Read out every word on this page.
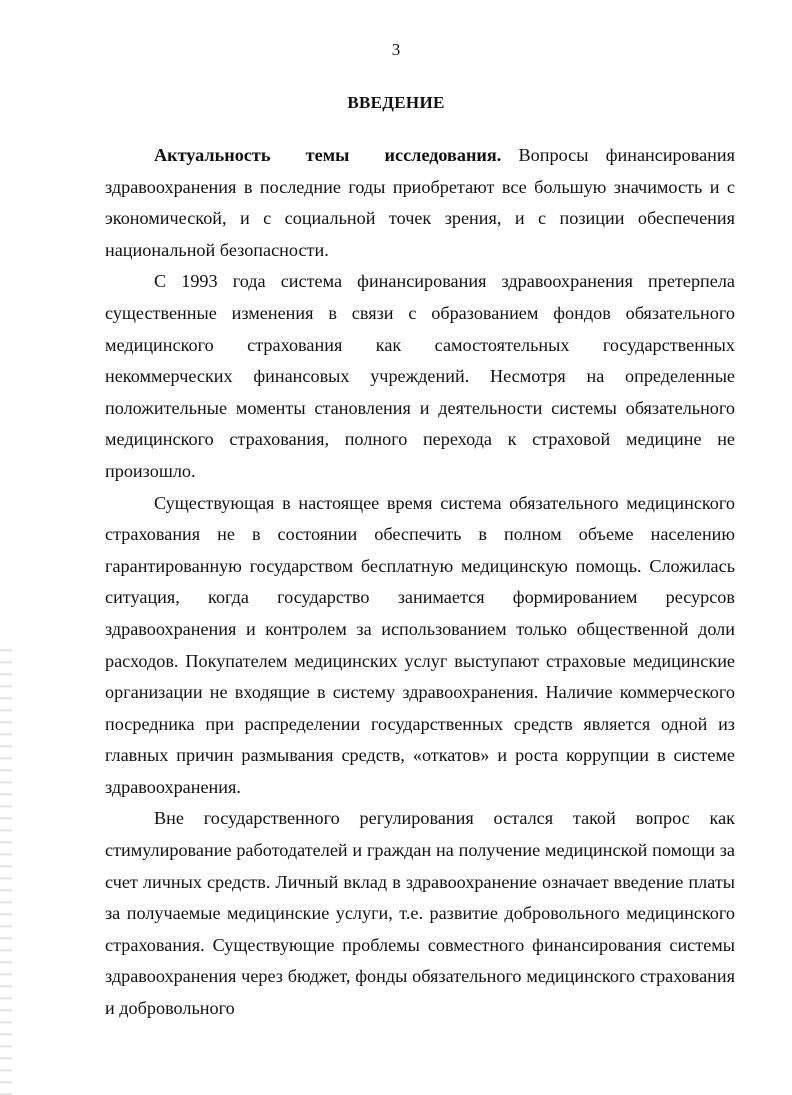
3
ВВЕДЕНИЕ

Актуальность темы исследования. Вопросы финансирования здравоохранения в последние годы приобретают все большую значимость и с экономической, и с социальной точек зрения, и с позиции обеспечения национальной безопасности.

С 1993 года система финансирования здравоохранения претерпела существенные изменения в связи с образованием фондов обязательного медицинского страхования как самостоятельных государственных некоммерческих финансовых учреждений. Несмотря на определенные положительные моменты становления и деятельности системы обязательного медицинского страхования, полного перехода к страховой медицине не произошло.

Существующая в настоящее время система обязательного медицинского страхования не в состоянии обеспечить в полном объеме населению гарантированную государством бесплатную медицинскую помощь. Сложилась ситуация, когда государство занимается формированием ресурсов здравоохранения и контролем за использованием только общественной доли расходов. Покупателем медицинских услуг выступают страховые медицинские организации не входящие в систему здравоохранения. Наличие коммерческого посредника при распределении государственных средств является одной из главных причин размывания средств, «откатов» и роста коррупции в системе здравоохранения.

Вне государственного регулирования остался такой вопрос как стимулирование работодателей и граждан на получение медицинской помощи за счет личных средств. Личный вклад в здравоохранение означает введение платы за получаемые медицинские услуги, т.е. развитие добровольного медицинского страхования. Существующие проблемы совместного финансирования системы здравоохранения через бюджет, фонды обязательного медицинского страхования и добровольного
